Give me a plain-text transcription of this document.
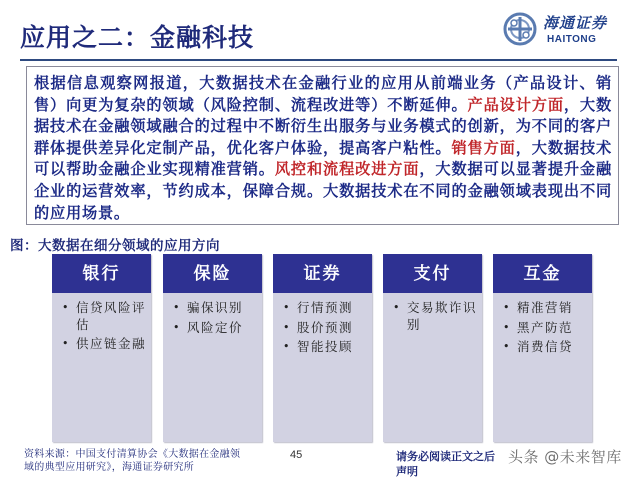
应用之二：金融科技	海通证券
HAITONG
根据信息观察网报道，大数据技术在金融行业的应用从前端业务（产品设计、销售）向更为复杂的领域（风险控制、流程改进等）不断延伸。产品设计方面，大数据技术在金融领域融合的过程中不断衍生出服务与业务模式的创新，为不同的客户群体提供差异化定制产品，优化客户体验，提高客户粘性。销售方面，大数据技术可以帮助金融企业实现精准营销。风控和流程改进方面，大数据可以显著提升金融企业的运营效率，节约成本，保障合规。大数据技术在不同的金融领域表现出不同的应用场景。
图：大数据在细分领域的应用方向
银行
• 信贷风险评估
• 供应链金融
保险
• 骗保识别
• 风险定价
证券
• 行情预测
• 股价预测
• 智能投顾
支付
• 交易欺诈识别
互金
• 精准营销
• 黑产防范
• 消费信贷
资料来源：中国支付清算协会《大数据在金融领域的典型应用研究》，海通证券研究所
45	请务必阅读正文之后
声明
头条 @未来智库
